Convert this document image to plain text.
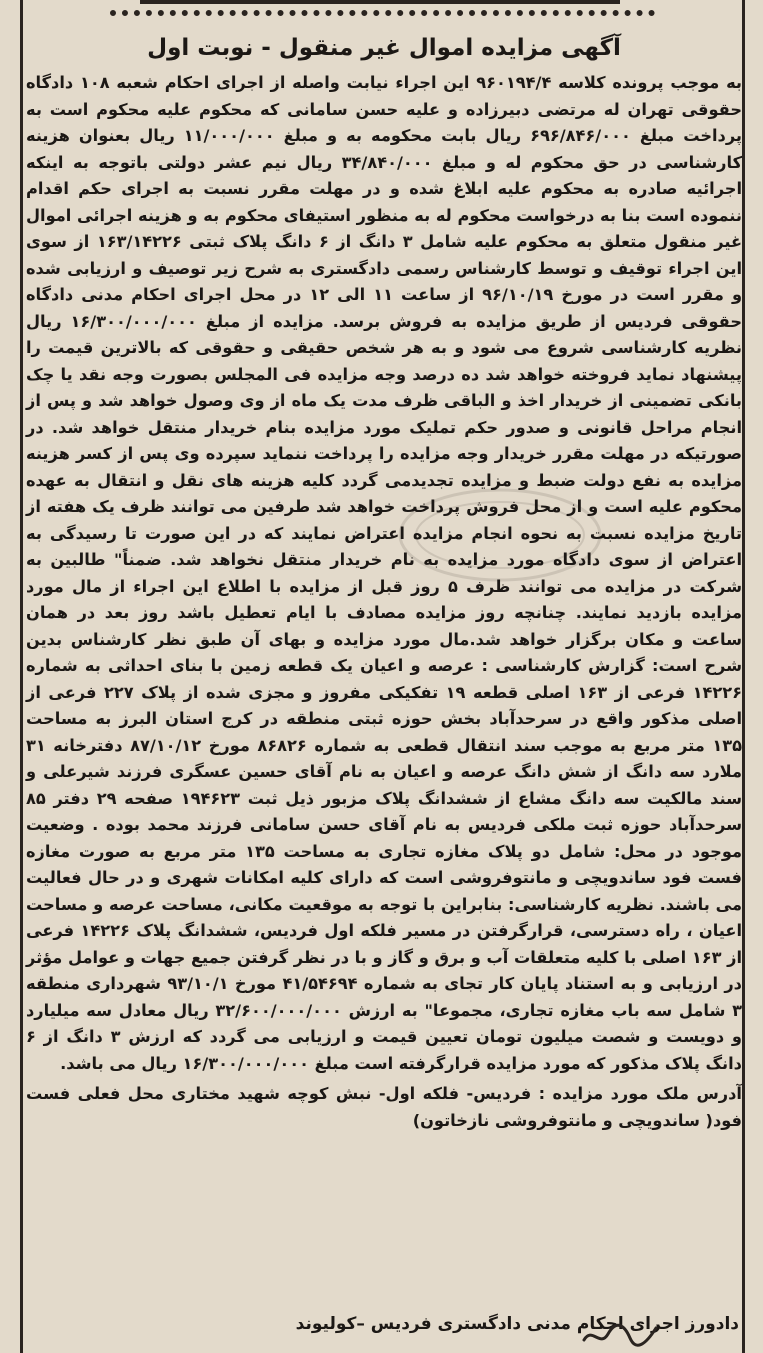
آگهی مزایده اموال غیر منقول - نوبت اول

به موجب پرونده کلاسه ۹۶۰۱۹۴/۴ این اجراء نیابت واصله از اجرای احکام شعبه ۱۰۸ دادگاه حقوقی تهران له مرتضی دبیرزاده و علیه حسن سامانی که محکوم علیه محکوم است به پرداخت مبلغ ۶۹۶/۸۴۶/۰۰۰ ریال بابت محکومه به و مبلغ ۱۱/۰۰۰/۰۰۰ ریال بعنوان هزینه کارشناسی در حق محکوم له و مبلغ ۳۴/۸۴۰/۰۰۰ ریال نیم عشر دولتی باتوجه به اینکه اجرائیه صادره به محکوم علیه ابلاغ شده و در مهلت مقرر نسبت به اجرای حکم اقدام ننموده است بنا به درخواست محکوم له به منظور استیفای محکوم به و هزینه اجرائی اموال غیر منقول متعلق به محکوم علیه شامل ۳ دانگ از ۶ دانگ پلاک ثبتی ۱۶۳/۱۴۲۲۶ از سوی این اجراء توقیف و توسط کارشناس رسمی دادگستری به شرح زیر توصیف و ارزیابی شده و مقرر است در مورخ ۹۶/۱۰/۱۹ از ساعت ۱۱ الی ۱۲ در محل اجرای احکام مدنی دادگاه حقوقی فردیس از طریق مزایده به فروش برسد. مزایده از مبلغ ۱۶/۳۰۰/۰۰۰/۰۰۰ ریال نظریه کارشناسی شروع می شود و به هر شخص حقیقی و حقوقی که بالاترین قیمت را پیشنهاد نماید فروخته خواهد شد ده درصد وجه مزایده فی المجلس بصورت وجه نقد یا چک بانکی تضمینی از خریدار اخذ و الباقی ظرف مدت یک ماه از وی وصول خواهد شد و پس از انجام مراحل قانونی و صدور حکم تملیک مورد مزایده بنام خریدار منتقل خواهد شد. در صورتیکه در مهلت مقرر خریدار وجه مزایده را پرداخت ننماید سپرده وی پس از کسر هزینه مزایده به نفع دولت ضبط و مزایده تجدیدمی گردد کلیه هزینه های نقل و انتقال به عهده محکوم علیه است و از محل فروش پرداخت خواهد شد طرفین می توانند ظرف یک هفته از تاریخ مزایده نسبت به نحوه انجام مزایده اعتراض نمایند که در این صورت تا رسیدگی به اعتراض از سوی دادگاه مورد مزایده به نام خریدار منتقل نخواهد شد. ضمناً" طالبین به شرکت در مزایده می توانند ظرف ۵ روز قبل از مزایده با اطلاع این اجراء از مال مورد مزایده بازدید نمایند. چنانچه روز مزایده مصادف با ایام تعطیل باشد روز بعد در همان ساعت و مکان برگزار خواهد شد.مال مورد مزایده و بهای آن طبق نظر کارشناس بدین شرح است: گزارش کارشناسی : عرصه و اعیان یک قطعه زمین با بنای احداثی به شماره ۱۴۲۲۶ فرعی از ۱۶۳ اصلی قطعه ۱۹ تفکیکی مفروز و مجزی شده از پلاک ۲۲۷ فرعی از اصلی مذکور واقع در سرحدآباد بخش حوزه ثبتی منطقه در کرج استان البرز به مساحت ۱۳۵ متر مربع به موجب سند انتقال قطعی به شماره ۸۶۸۲۶ مورخ ۸۷/۱۰/۱۲ دفترخانه ۳۱ ملارد سه دانگ از شش دانگ عرصه و اعیان به نام آقای حسین عسگری فرزند شیرعلی و سند مالکیت سه دانگ مشاع از ششدانگ پلاک مزبور ذیل ثبت ۱۹۴۶۲۳ صفحه ۲۹ دفتر ۸۵ سرحدآباد حوزه ثبت ملکی فردیس به نام آقای حسن سامانی فرزند محمد بوده . وضعیت موجود در محل: شامل دو پلاک مغازه تجاری به مساحت ۱۳۵ متر مربع به صورت مغازه فست فود ساندویچی و مانتوفروشی است که دارای کلیه امکانات شهری و در حال فعالیت می باشند. نظریه کارشناسی: بنابراین با توجه به موقعیت مکانی، مساحت عرصه و مساحت اعیان ، راه دسترسی، قرارگرفتن در مسیر فلکه اول فردیس، ششدانگ پلاک ۱۴۲۲۶ فرعی از ۱۶۳ اصلی با کلیه متعلقات آب و برق و گاز و با در نظر گرفتن جمیع جهات و عوامل مؤثر در ارزیابی و به استناد پایان کار تجای به شماره ۴۱/۵۴۶۹۴ مورخ ۹۳/۱۰/۱ شهرداری منطقه ۳ شامل سه باب مغازه تجاری، مجموعا" به ارزش ۳۲/۶۰۰/۰۰۰/۰۰۰ ریال معادل سه میلیارد و دویست و شصت میلیون تومان تعیین قیمت و ارزیابی می گردد که ارزش ۳ دانگ از ۶ دانگ پلاک مذکور که مورد مزایده قرارگرفته است مبلغ ۱۶/۳۰۰/۰۰۰/۰۰۰ ریال می باشد.

آدرس ملک مورد مزایده : فردیس- فلکه اول- نبش کوچه شهید مختاری محل فعلی فست فود( ساندویچی و مانتوفروشی نازخاتون)

دادورز اجرای احکام مدنی دادگستری فردیس –کولیوند
